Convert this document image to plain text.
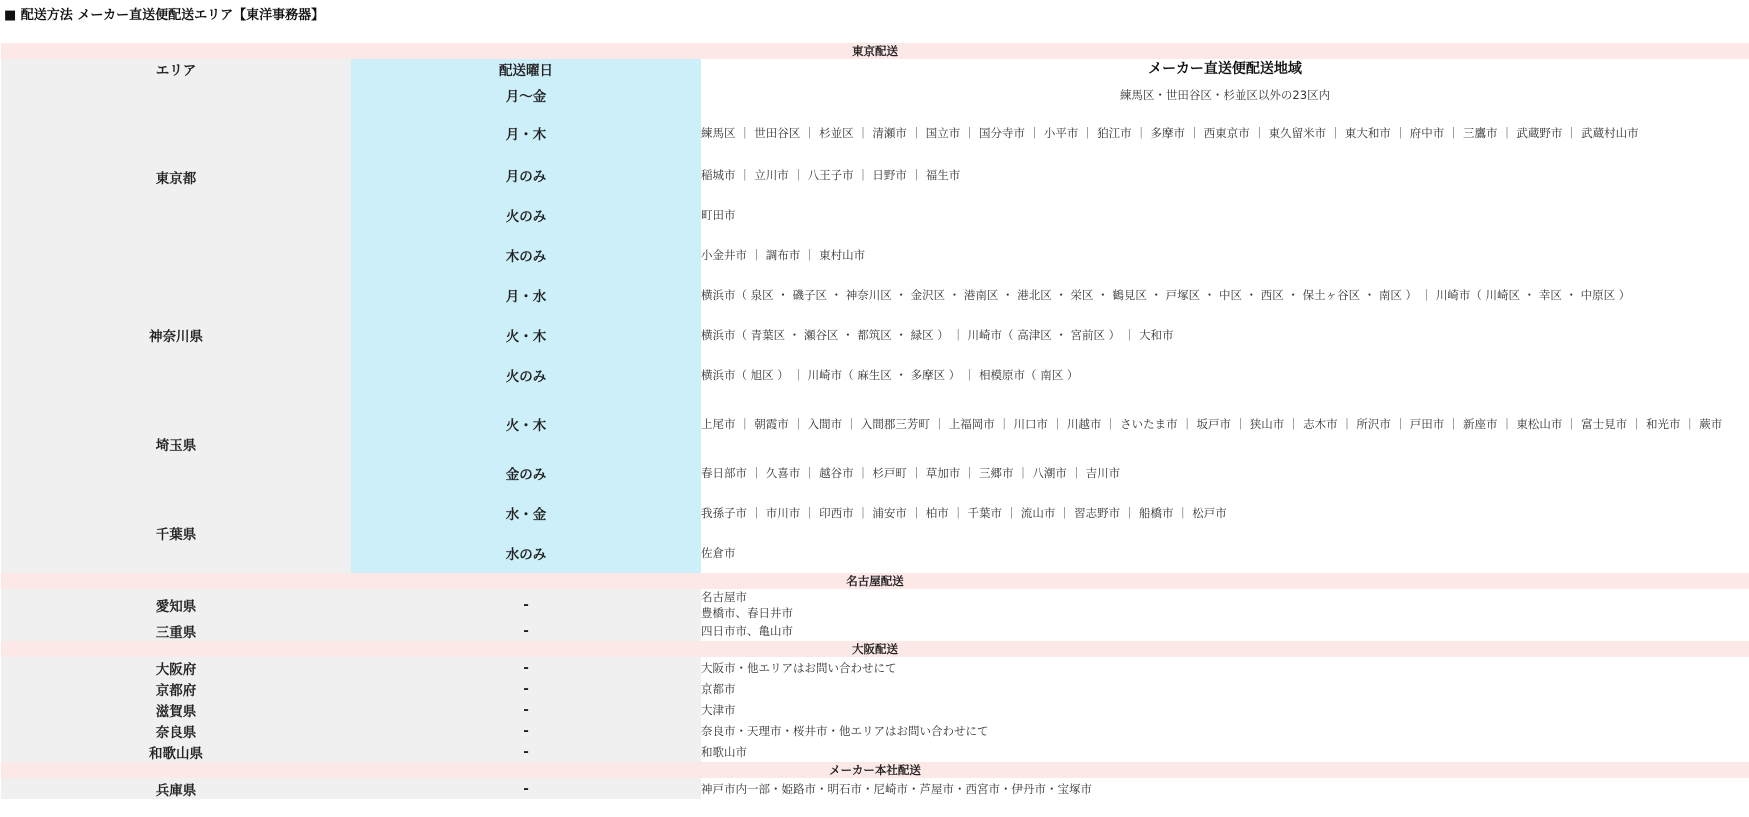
■ 配送方法 メーカー直送便配送エリア【東洋事務器】
東京配送		
エリア	配送曜日	メーカー直送便配送地域
東京都	月～金	練馬区・世田谷区・杉並区以外の23区内
	月・木	練馬区 ｜ 世田谷区 ｜ 杉並区 ｜ 清瀬市 ｜ 国立市 ｜ 国分寺市 ｜ 小平市 ｜ 狛江市 ｜ 多摩市 ｜ 西東京市 ｜ 東久留米市 ｜ 東大和市 ｜ 府中市 ｜ 三鷹市 ｜ 武蔵野市 ｜ 武蔵村山市
	月のみ	稲城市 ｜ 立川市 ｜ 八王子市 ｜ 日野市 ｜ 福生市
	火のみ	町田市
	木のみ	小金井市 ｜ 調布市 ｜ 東村山市
神奈川県	月・水	横浜市（ 泉区 ・ 磯子区 ・ 神奈川区 ・ 金沢区 ・ 港南区 ・ 港北区 ・ 栄区 ・ 鶴見区 ・ 戸塚区 ・ 中区 ・ 西区 ・ 保土ヶ谷区 ・ 南区 ） ｜ 川崎市（ 川崎区 ・ 幸区 ・ 中原区 ）
	火・木	横浜市（ 青葉区 ・ 瀬谷区 ・ 都筑区 ・ 緑区 ） ｜ 川崎市（ 高津区 ・ 宮前区 ） ｜ 大和市
	火のみ	横浜市（ 旭区 ） ｜ 川崎市（ 麻生区 ・ 多摩区 ） ｜ 相模原市（ 南区 ）
埼玉県	火・木	上尾市 ｜ 朝霞市 ｜ 入間市 ｜ 入間郡三芳町 ｜ 上福岡市 ｜ 川口市 ｜ 川越市 ｜ さいたま市 ｜ 坂戸市 ｜ 狭山市 ｜ 志木市 ｜ 所沢市 ｜ 戸田市 ｜ 新座市 ｜ 東松山市 ｜ 富士見市 ｜ 和光市 ｜ 蕨市
	金のみ	春日部市 ｜ 久喜市 ｜ 越谷市 ｜ 杉戸町 ｜ 草加市 ｜ 三郷市 ｜ 八潮市 ｜ 吉川市
千葉県	水・金	我孫子市 ｜ 市川市 ｜ 印西市 ｜ 浦安市 ｜ 柏市 ｜ 千葉市 ｜ 流山市 ｜ 習志野市 ｜ 船橋市 ｜ 松戸市
	水のみ	佐倉市
名古屋配送		
愛知県	-	名古屋市
豊橋市、春日井市

三重県	-	四日市市、亀山市
大阪配送		
大阪府	-	大阪市・他エリアはお問い合わせにて
京都府	-	京都市
滋賀県	-	大津市
奈良県	-	奈良市・天理市・桜井市・他エリアはお問い合わせにて
和歌山県	-	和歌山市
メーカー本社配送		
兵庫県	-	神戸市内一部・姫路市・明石市・尼崎市・芦屋市・西宮市・伊丹市・宝塚市
